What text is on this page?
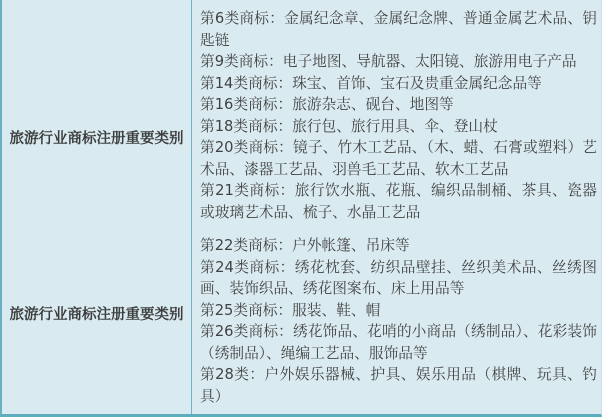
旅游行业商标注册重要类别

第6类商标：金属纪念章、金属纪念牌、普通金属艺术品、钥匙链

第9类商标：电子地图、导航器、太阳镜、旅游用电子产品

第14类商标：珠宝、首饰、宝石及贵重金属纪念品等

第16类商标：旅游杂志、砚台、地图等

第18类商标：旅行包、旅行用具、伞、登山杖

第20类商标：镜子、竹木工艺品、（木、蜡、石膏或塑料）艺术品、漆器工艺品、羽兽毛工艺品、软木工艺品

第21类商标：旅行饮水瓶、花瓶、编织品制桶、茶具、瓷器或玻璃艺术品、梳子、水晶工艺品

旅游行业商标注册重要类别

第22类商标：户外帐篷、吊床等

第24类商标：绣花枕套、纺织品壁挂、丝织美术品、丝绣图画、装饰织品、绣花图案布、床上用品等

第25类商标：服装、鞋、帽

第26类商标：绣花饰品、花哨的小商品（绣制品）、花彩装饰（绣制品）、绳编工艺品、服饰品等

第28类：户外娱乐器械、护具、娱乐用品（棋牌、玩具、钓具）
